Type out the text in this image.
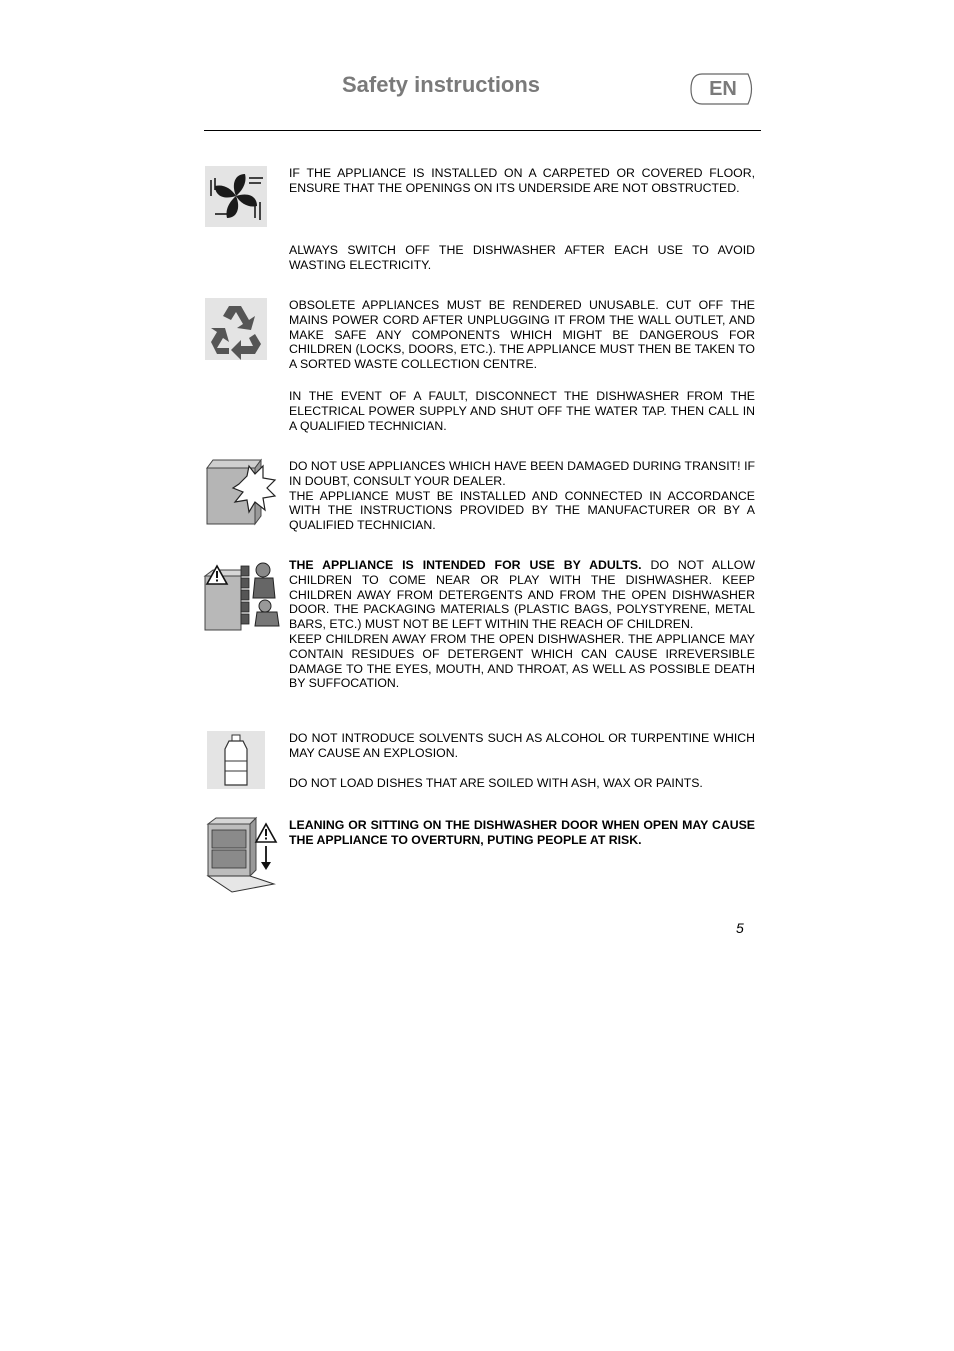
Safety instructions	EN
IF THE APPLIANCE IS INSTALLED ON A CARPETED OR COVERED FLOOR, ENSURE THAT THE OPENINGS ON ITS UNDERSIDE ARE NOT OBSTRUCTED.
ALWAYS SWITCH OFF THE DISHWASHER AFTER EACH USE TO AVOID WASTING ELECTRICITY.
OBSOLETE APPLIANCES MUST BE RENDERED UNUSABLE. CUT OFF THE MAINS POWER CORD AFTER UNPLUGGING IT FROM THE WALL OUTLET, AND MAKE SAFE ANY COMPONENTS WHICH MIGHT BE DANGEROUS FOR CHILDREN (LOCKS, DOORS, ETC.). THE APPLIANCE MUST THEN BE TAKEN TO A SORTED WASTE COLLECTION CENTRE.
IN THE EVENT OF A FAULT, DISCONNECT THE DISHWASHER FROM THE ELECTRICAL POWER SUPPLY AND SHUT OFF THE WATER TAP. THEN CALL IN A QUALIFIED TECHNICIAN.
DO NOT USE APPLIANCES WHICH HAVE BEEN DAMAGED DURING TRANSIT! IF IN DOUBT, CONSULT YOUR DEALER.
THE APPLIANCE MUST BE INSTALLED AND CONNECTED IN ACCORDANCE WITH THE INSTRUCTIONS PROVIDED BY THE MANUFACTURER OR BY A QUALIFIED TECHNICIAN.
THE APPLIANCE IS INTENDED FOR USE BY ADULTS. DO NOT ALLOW CHILDREN TO COME NEAR OR PLAY WITH THE DISHWASHER. KEEP CHILDREN AWAY FROM DETERGENTS AND FROM THE OPEN DISHWASHER DOOR. THE PACKAGING MATERIALS (PLASTIC BAGS, POLYSTYRENE, METAL BARS, ETC.) MUST NOT BE LEFT WITHIN THE REACH OF CHILDREN.
KEEP CHILDREN AWAY FROM THE OPEN DISHWASHER. THE APPLIANCE MAY CONTAIN RESIDUES OF DETERGENT WHICH CAN CAUSE IRREVERSIBLE DAMAGE TO THE EYES, MOUTH, AND THROAT, AS WELL AS POSSIBLE DEATH BY SUFFOCATION.
DO NOT INTRODUCE SOLVENTS SUCH AS ALCOHOL OR TURPENTINE WHICH MAY CAUSE AN EXPLOSION.
DO NOT LOAD DISHES THAT ARE SOILED WITH ASH, WAX OR PAINTS.
LEANING OR SITTING ON THE DISHWASHER DOOR WHEN OPEN MAY CAUSE THE APPLIANCE TO OVERTURN, PUTING PEOPLE AT RISK.
5
